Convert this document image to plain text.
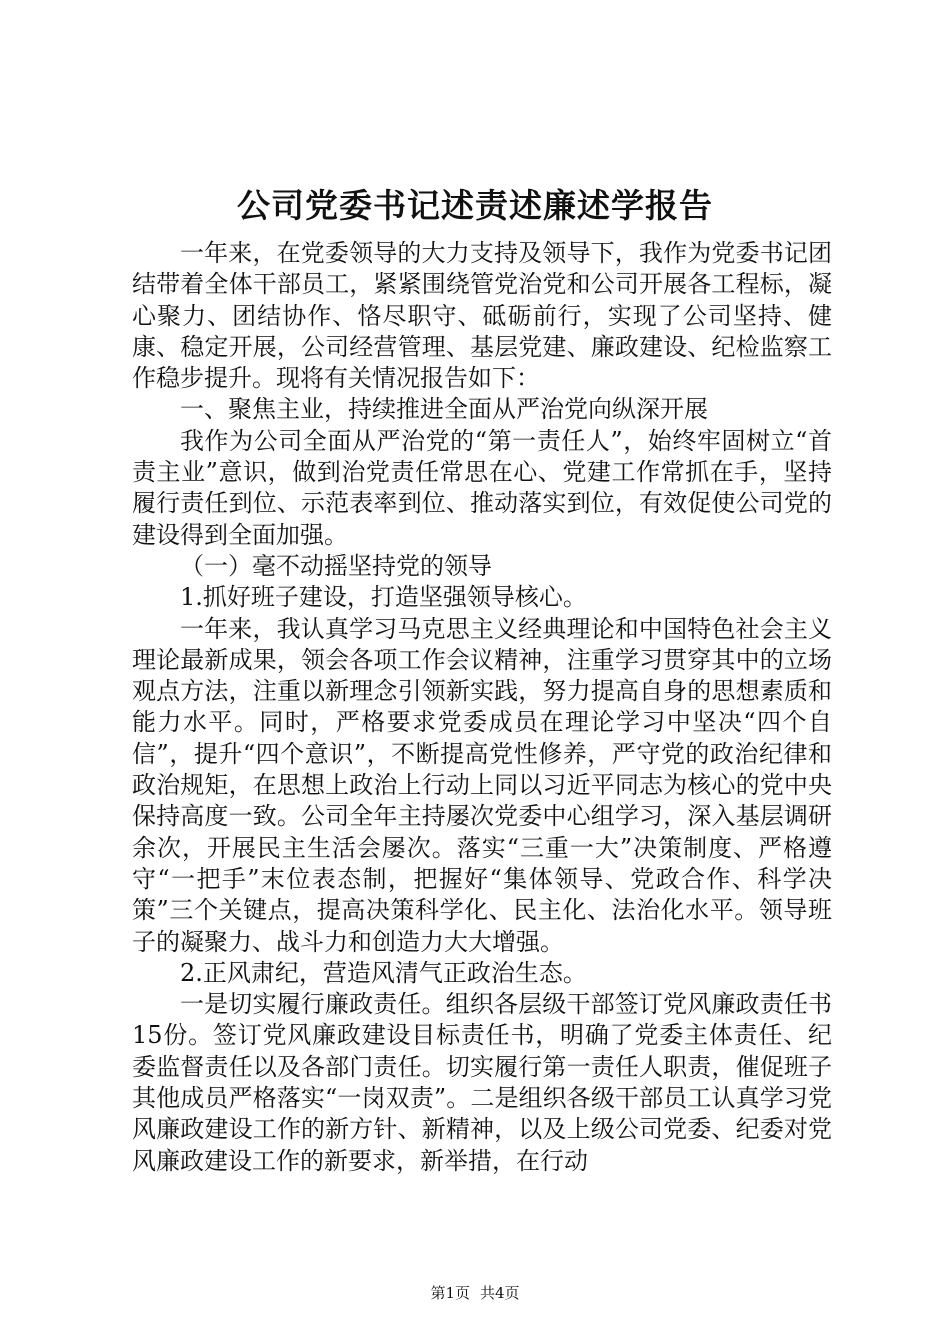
公司党委书记述责述廉述学报告

一年来，在党委领导的大力支持及领导下，我作为党委书记团结带着全体干部员工，紧紧围绕管党治党和公司开展各工程标，凝心聚力、团结协作、恪尽职守、砥砺前行，实现了公司坚持、健康、稳定开展，公司经营管理、基层党建、廉政建设、纪检监察工作稳步提升。现将有关情况报告如下：

一、聚焦主业，持续推进全面从严治党向纵深开展

我作为公司全面从严治党的“第一责任人”，始终牢固树立“首责主业”意识，做到治党责任常思在心、党建工作常抓在手，坚持履行责任到位、示范表率到位、推动落实到位，有效促使公司党的建设得到全面加强。

（一）毫不动摇坚持党的领导

1.抓好班子建设，打造坚强领导核心。

一年来，我认真学习马克思主义经典理论和中国特色社会主义理论最新成果，领会各项工作会议精神，注重学习贯穿其中的立场观点方法，注重以新理念引领新实践，努力提高自身的思想素质和能力水平。同时，严格要求党委成员在理论学习中坚决“四个自信”，提升“四个意识”，不断提高党性修养，严守党的政治纪律和政治规矩，在思想上政治上行动上同以习近平同志为核心的党中央保持高度一致。公司全年主持屡次党委中心组学习，深入基层调研余次，开展民主生活会屡次。落实“三重一大”决策制度、严格遵守“一把手”末位表态制，把握好“集体领导、党政合作、科学决策”三个关键点，提高决策科学化、民主化、法治化水平。领导班子的凝聚力、战斗力和创造力大大增强。

2.正风肃纪，营造风清气正政治生态。

一是切实履行廉政责任。组织各层级干部签订党风廉政责任书15份。签订党风廉政建设目标责任书，明确了党委主体责任、纪委监督责任以及各部门责任。切实履行第一责任人职责，催促班子其他成员严格落实“一岗双责”。二是组织各级干部员工认真学习党风廉政建设工作的新方针、新精神，以及上级公司党委、纪委对党风廉政建设工作的新要求，新举措，在行动

第1页 共4页
